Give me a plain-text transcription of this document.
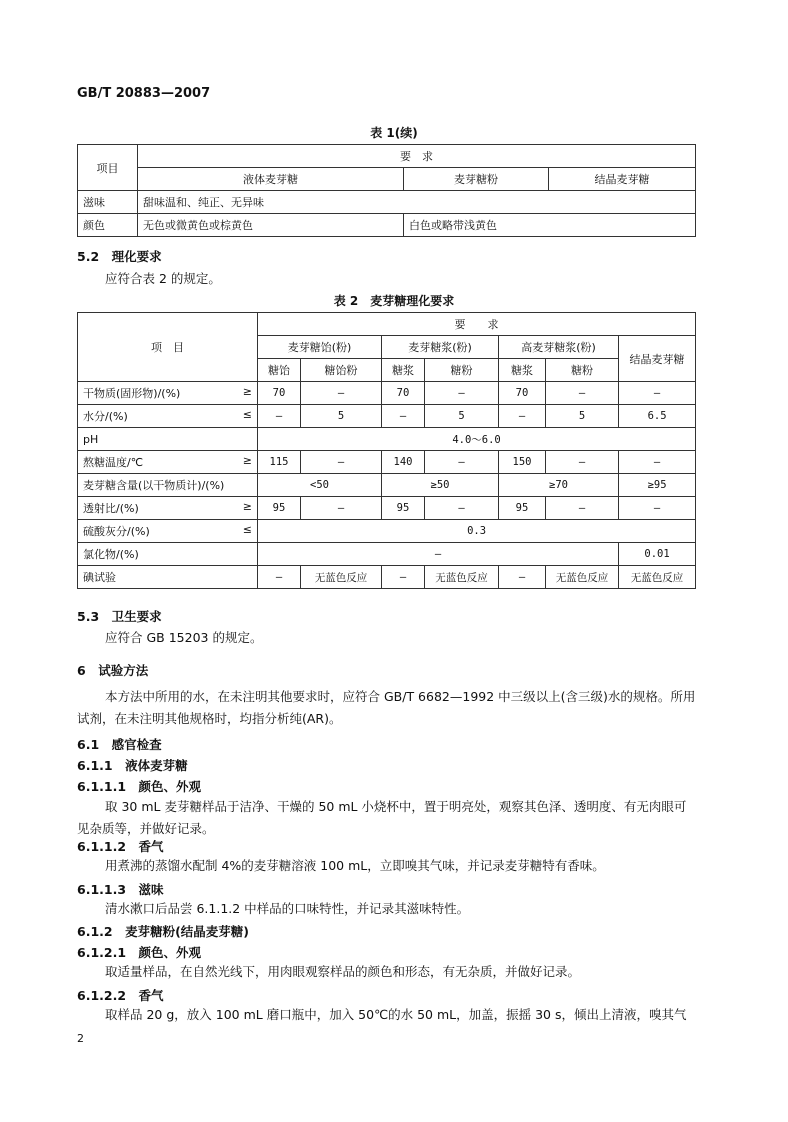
GB/T 20883—2007
表 1(续)
项目	要　求		
	液体麦芽糖	麦芽糖粉	结晶麦芽糖
滋味	甜味温和、纯正、无异味		
颜色	无色或微黄色或棕黄色	白色或略带浅黄色	
5.2　理化要求
应符合表 2 的规定。
表 2　麦芽糖理化要求
项　目	要　　求						
	麦芽糖饴(粉)		麦芽糖浆(粉)		高麦芽糖浆(粉)		结晶麦芽糖
	糖饴	糖饴粉	糖浆	糖粉	糖浆	糖粉	

干物质(固形物)/(%) ≥	70	—	70	—	70	—	—

水分/(%) ≤	—	5	—	5	—	5	6.5

pH	4.0～6.0						

熬糖温度/℃ ≥	115	—	140	—	150	—	—

麦芽糖含量(以干物质计)/(%)	<50		≥50		≥70		≥95

透射比/(%) ≥	95	—	95	—	95	—	—

硫酸灰分/(%) ≤	0.3						

氯化物/(%)	—						0.01

碘试验	—	无蓝色反应	—	无蓝色反应	—	无蓝色反应	无蓝色反应
5.3　卫生要求
应符合 GB 15203 的规定。
6　试验方法
本方法中所用的水，在未注明其他要求时，应符合 GB/T 6682—1992 中三级以上(含三级)水的规格。所用试剂，在未注明其他规格时，均指分析纯(AR)。
6.1　感官检查
6.1.1　液体麦芽糖
6.1.1.1　颜色、外观
取 30 mL 麦芽糖样品于洁净、干燥的 50 mL 小烧杯中，置于明亮处，观察其色泽、透明度、有无肉眼可见杂质等，并做好记录。
6.1.1.2　香气
用煮沸的蒸馏水配制 4%的麦芽糖溶液 100 mL，立即嗅其气味，并记录麦芽糖特有香味。
6.1.1.3　滋味
清水漱口后品尝 6.1.1.2 中样品的口味特性，并记录其滋味特性。
6.1.2　麦芽糖粉(结晶麦芽糖)
6.1.2.1　颜色、外观
取适量样品，在自然光线下，用肉眼观察样品的颜色和形态，有无杂质，并做好记录。
6.1.2.2　香气
取样品 20 g，放入 100 mL 磨口瓶中，加入 50℃的水 50 mL，加盖，振摇 30 s，倾出上清液，嗅其气
2
